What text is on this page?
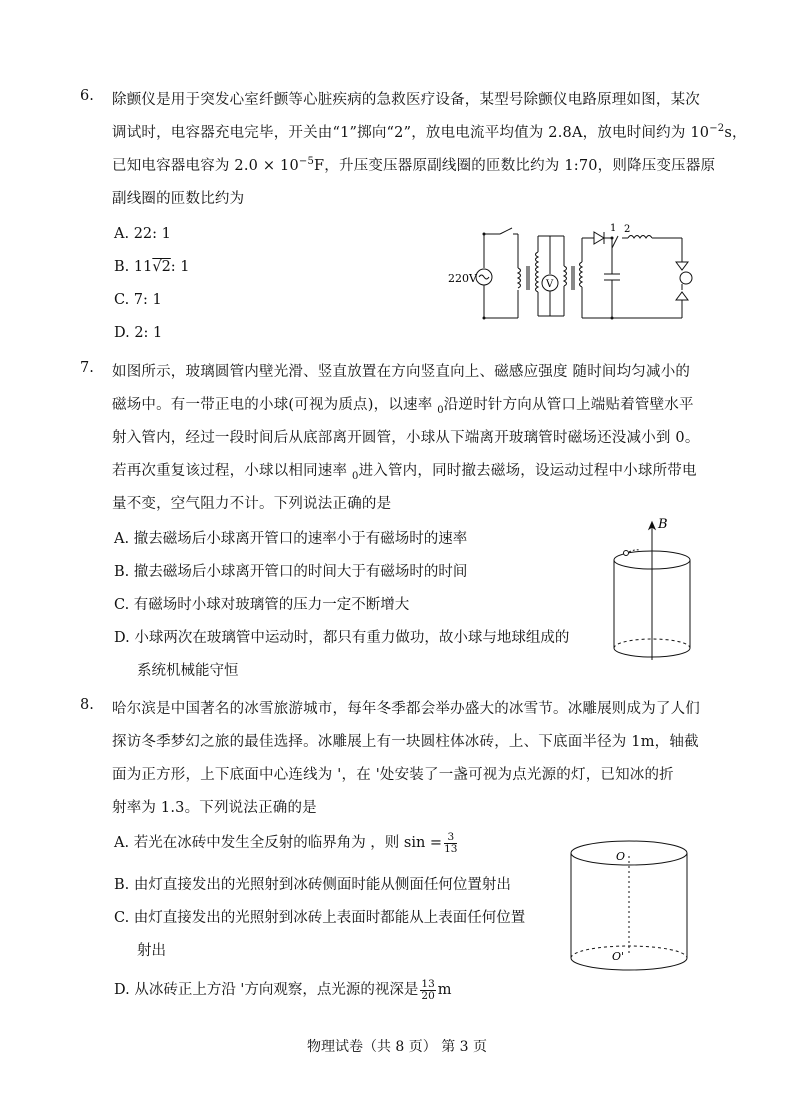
6. 除颤仪是用于突发心室纤颤等心脏疾病的急救医疗设备，某型号除颤仪电路原理如图，某次
调试时，电容器充电完毕，开关由“1”掷向“2”，放电电流平均值为 2.8A，放电时间约为 $10^{-2}s$，
已知电容器电容为 $2.0 \times 10^{-5}F$，升压变压器原副线圈的匝数比约为 1:70，则降压变压器原
副线圈的匝数比约为
A. 22: 1
B. 11√2: 1
C. 7: 1
D. 2: 1
220V	V
1 2
7. 如图所示，玻璃圆管内壁光滑、竖直放置在方向竖直向上、磁感应强度 随时间均匀减小的
磁场中。有一带正电的小球(可视为质点)，以速率 $_0$沿逆时针方向从管口上端贴着管壁水平
射入管内，经过一段时间后从底部离开圆管，小球从下端离开玻璃管时磁场还没减小到 0。
若再次重复该过程，小球以相同速率 $_0$进入管内，同时撤去磁场，设运动过程中小球所带电
量不变，空气阻力不计。下列说法正确的是
A. 撤去磁场后小球离开管口的速率小于有磁场时的速率
B. 撤去磁场后小球离开管口的时间大于有磁场时的时间
C. 有磁场时小球对玻璃管的压力一定不断增大
D. 小球两次在玻璃管中运动时，都只有重力做功，故小球与地球组成的
系统机械能守恒
B
8. 哈尔滨是中国著名的冰雪旅游城市，每年冬季都会举办盛大的冰雪节。冰雕展则成为了人们
探访冬季梦幻之旅的最佳选择。冰雕展上有一块圆柱体冰砖，上、下底面半径为 1m，轴截
面为正方形，上下底面中心连线为 '，在 '处安装了一盏可视为点光源的灯，已知冰的折
射率为 1.3。下列说法正确的是
A. 若光在冰砖中发生全反射的临界角为 ，则 $\sin = \frac{3}{13}$
B. 由灯直接发出的光照射到冰砖侧面时能从侧面任何位置射出
C. 由灯直接发出的光照射到冰砖上表面时都能从上表面任何位置
射出
D. 从冰砖正上方沿 '方向观察，点光源的视深是 $\frac{13}{20}$ m
O
O'
物理试卷（共 8 页） 第 3 页
